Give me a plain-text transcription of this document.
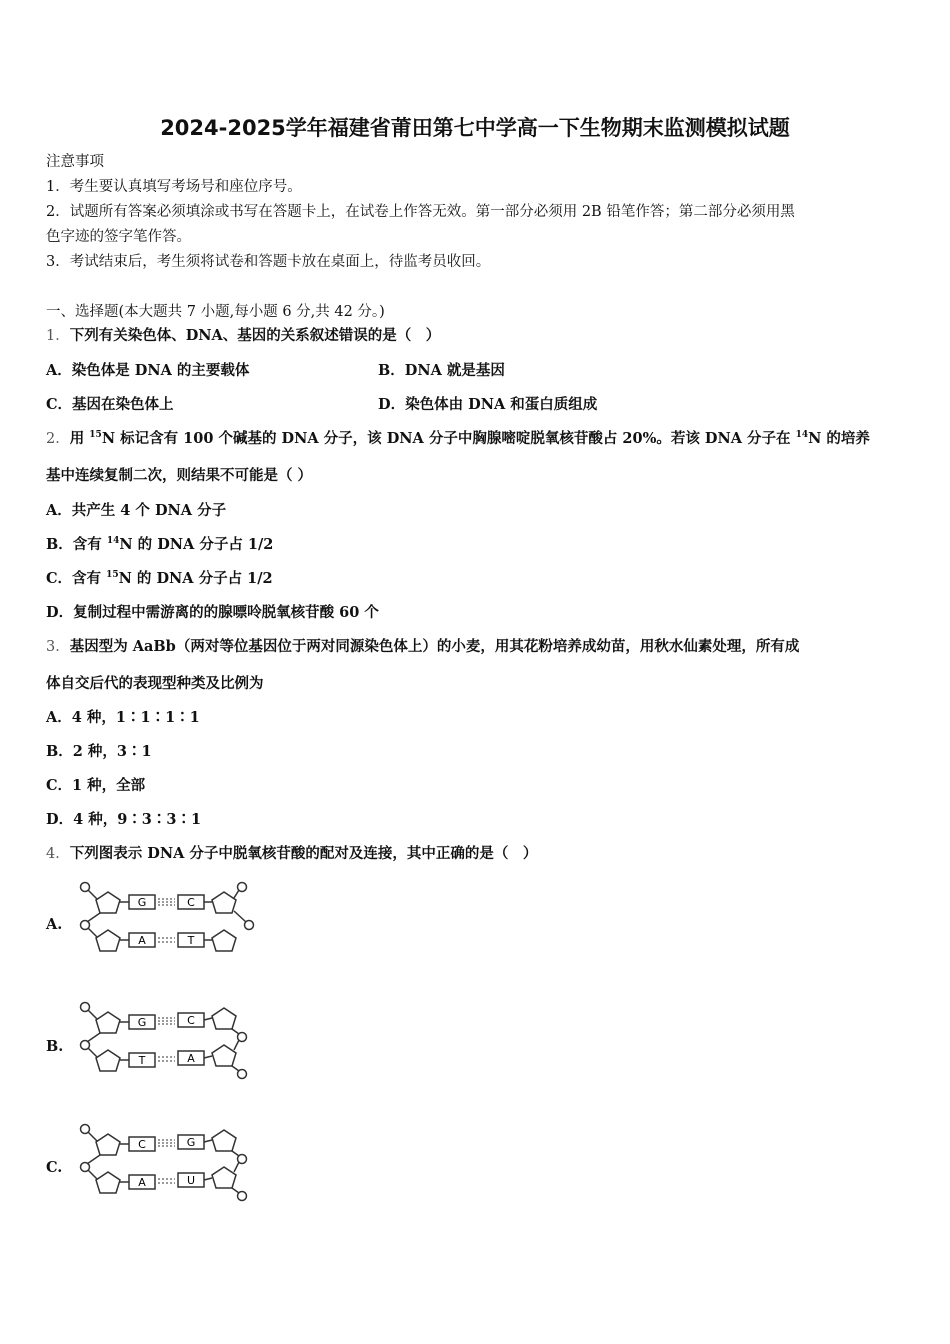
2024-2025学年福建省莆田第七中学高一下生物期末监测模拟试题
注意事项
1．考生要认真填写考场号和座位序号。
2．试题所有答案必须填涂或书写在答题卡上，在试卷上作答无效。第一部分必须用 2B 铅笔作答；第二部分必须用黑
色字迹的签字笔作答。
3．考试结束后，考生须将试卷和答题卡放在桌面上，待监考员收回。
一、选择题(本大题共 7 小题,每小题 6 分,共 42 分。)
1．下列有关染色体、DNA、基因的关系叙述错误的是（　）
A．染色体是 DNA 的主要载体	B．DNA 就是基因
C．基因在染色体上	D．染色体由 DNA 和蛋白质组成
2．用 $^{15}$N 标记含有 100 个碱基的 DNA 分子，该 DNA 分子中胸腺嘧啶脱氧核苷酸占 20%。若该 DNA 分子在 $^{14}$N 的培养
基中连续复制二次，则结果不可能是（ ）
A．共产生 4 个 DNA 分子
B．含有 $^{14}$N 的 DNA 分子占 1/2
C．含有 $^{15}$N 的 DNA 分子占 1/2
D．复制过程中需游离的的腺嘌呤脱氧核苷酸 60 个
3．基因型为 AaBb（两对等位基因位于两对同源染色体上）的小麦，用其花粉培养成幼苗，用秋水仙素处理，所有成
体自交后代的表现型种类及比例为
A．4 种，1∶1∶1∶1
B．2 种，3∶1
C．1 种，全部
D．4 种，9∶3∶3∶1
4．下列图表示 DNA 分子中脱氧核苷酸的配对及连接，其中正确的是（　）
A.
G	C
A	T
B.
G	C
T	A
C.
C	G
A	U
